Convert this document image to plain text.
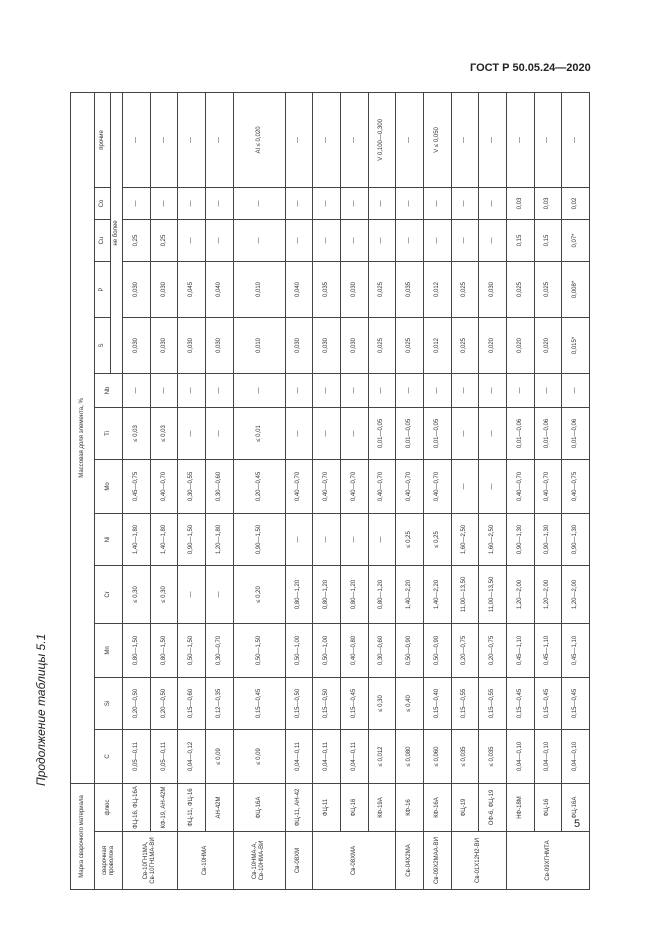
ГОСТ Р 50.05.24—2020
Продолжение таблицы 5.1
5
Марка сварочного материала		Массовая доля элемента, %												
сварочная проволока	флюс	C	Si	Mn	Cr	Ni	Mo	Ti	Nb	S	P	Cu	Co	прочие
										не более				
Св-10ГН1МА, Св-10ГН1МА-ВИ	ФЦ-16, ФЦ-16А	0,05—0,11	0,20—0,50	0,80—1,50	≤ 0,30	1,40—1,80	0,45—0,75	≤ 0,03	—	0,030	0,030	0,25	—	—
	КФ-19, АН-42М	0,05—0,11	0,20—0,50	0,80—1,50	≤ 0,30	1,40—1,80	0,40—0,70	≤ 0,03	—	0,030	0,030	0,25	—	—
Св-10НМА	ФЦ-11, ФЦ-16	0,04—0,12	0,15—0,60	0,50—1,50	—	0,90—1,50	0,30—0,55	—	—	0,030	0,045	—	—	—
	АН-42М	≤ 0,09	0,12—0,35	0,30—0,70	—	1,20—1,80	0,30—0,60	—	—	0,030	0,040	—	—	—
Св-10НМА-А, Св-10НМА-ВИ	ФЦ-16А	≤ 0,09	0,15—0,45	0,50—1,50	≤ 0,20	0,90—1,50	0,20—0,45	≤ 0,01	—	0,010	0,010	—	—	Al ≤ 0,020
Св-08ХМ	ФЦ-11, АН-42	0,04—0,11	0,15—0,50	0,50—1,00	0,80—1,20	—	0,40—0,70	—	—	0,030	0,040	—	—	—
Св-08ХМА	ФЦ-11	0,04—0,11	0,15—0,50	0,50—1,00	0,80—1,20	—	0,40—0,70	—	—	0,030	0,035	—	—	—
	ФЦ-16	0,04—0,11	0,15—0,45	0,40—0,80	0,80—1,20	—	0,40—0,70	—	—	0,030	0,030	—	—	—
	КФ-19А	≤ 0,012	≤ 0,30	0,30—0,60	0,80—1,20	—	0,40—0,70	0,01—0,05	—	0,025	0,025	—	—	V 0,100—0,300
Св-04Х2МА	КФ-16	≤ 0,080	≤ 0,40	0,50—0,90	1,40—2,20	≤ 0,25	0,40—0,70	0,01—0,05	—	0,025	0,035	—	—	—
Св-09Х2МАА-ВИ	КФ-16А	≤ 0,060	0,15—0,40	0,50—0,90	1,40—2,20	≤ 0,25	0,40—0,70	0,01—0,05	—	0,012	0,012	—	—	V ≤ 0,050
Св-01Х12Н2-ВИ	ФЦ-19	≤ 0,035	0,15—0,55	0,20—0,75	11,00—13,50	1,60—2,50	—	—	—	0,025	0,025	—	—	—
	ОФ-6, ФЦ-19	≤ 0,035	0,15—0,55	0,20—0,75	11,00—13,50	1,60—2,50	—	—	—	0,020	0,030	—	—	—
Св-09ХГНМТА	НФ-18М	0,04—0,10	0,15—0,45	0,45—1,10	1,20—2,00	0,90—1,30	0,40—0,70	0,01—0,06	—	0,020	0,025	0,15	0,03	—
	ФЦ-16	0,04—0,10	0,15—0,45	0,45—1,10	1,20—2,00	0,90—1,30	0,40—0,70	0,01—0,06	—	0,020	0,025	0,15	0,03	—
	ФЦ-16А	0,04—0,10	0,15—0,45	0,45—1,10	1,20—2,00	0,90—1,30	0,40—0,75	0,01—0,06	—	0,015*	0,008*	0,07*	0,02	—
